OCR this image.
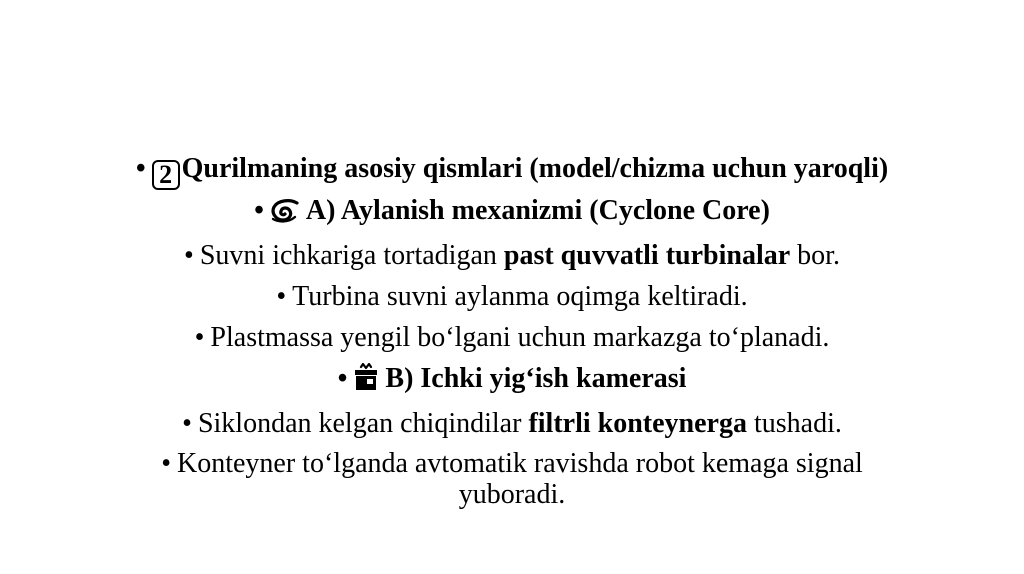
• 2 Qurilmaning asosiy qismlari (model/chizma uchun yaroqli)
• A) Aylanish mexanizmi (Cyclone Core)
• Suvni ichkariga tortadigan past quvvatli turbinalar bor.
• Turbina suvni aylanma oqimga keltiradi.
• Plastmassa yengil bo‘lgani uchun markazga to‘planadi.
• B) Ichki yig‘ish kamerasi
• Siklondan kelgan chiqindilar filtrli konteynerga tushadi.
• Konteyner to‘lganda avtomatik ravishda robot kemaga signal
yuboradi.
